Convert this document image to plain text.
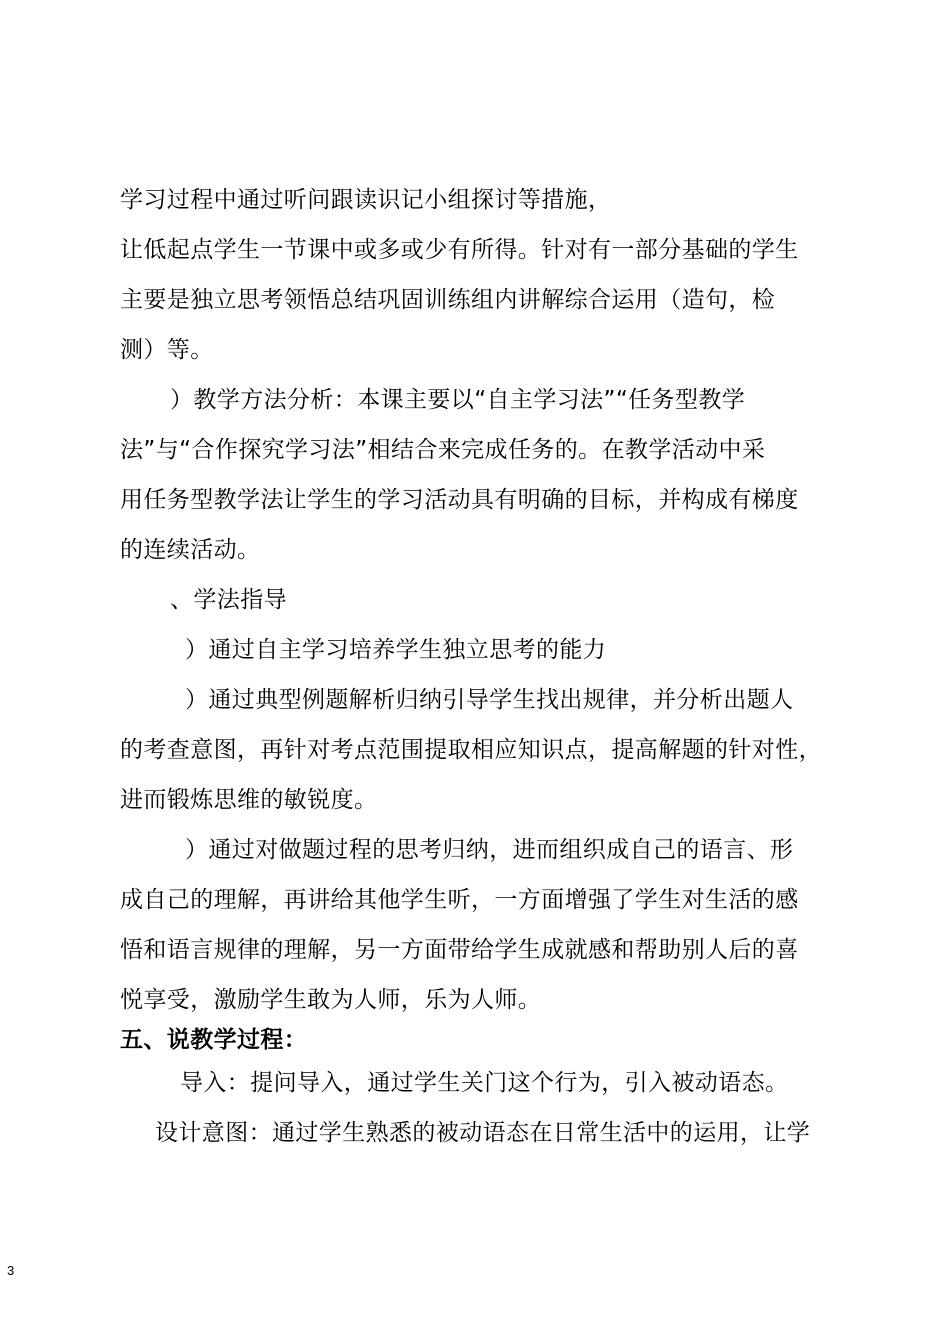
学习过程中通过听问跟读识记小组探讨等措施，
让低起点学生一节课中或多或少有所得。针对有一部分基础的学生
主要是独立思考领悟总结巩固训练组内讲解综合运用（造句，检
测）等。
）教学方法分析：本课主要以“自主学习法”“任务型教学
法”与“合作探究学习法”相结合来完成任务的。在教学活动中采
用任务型教学法让学生的学习活动具有明确的目标，并构成有梯度
的连续活动。
、学法指导
）通过自主学习培养学生独立思考的能力
）通过典型例题解析归纳引导学生找出规律，并分析出题人
的考查意图，再针对考点范围提取相应知识点，提高解题的针对性，
进而锻炼思维的敏锐度。
）通过对做题过程的思考归纳，进而组织成自己的语言、形
成自己的理解，再讲给其他学生听，一方面增强了学生对生活的感
悟和语言规律的理解，另一方面带给学生成就感和帮助别人后的喜
悦享受，激励学生敢为人师，乐为人师。
五、说教学过程：
导入：提问导入，通过学生关门这个行为，引入被动语态。
设计意图：通过学生熟悉的被动语态在日常生活中的运用，让学
3
